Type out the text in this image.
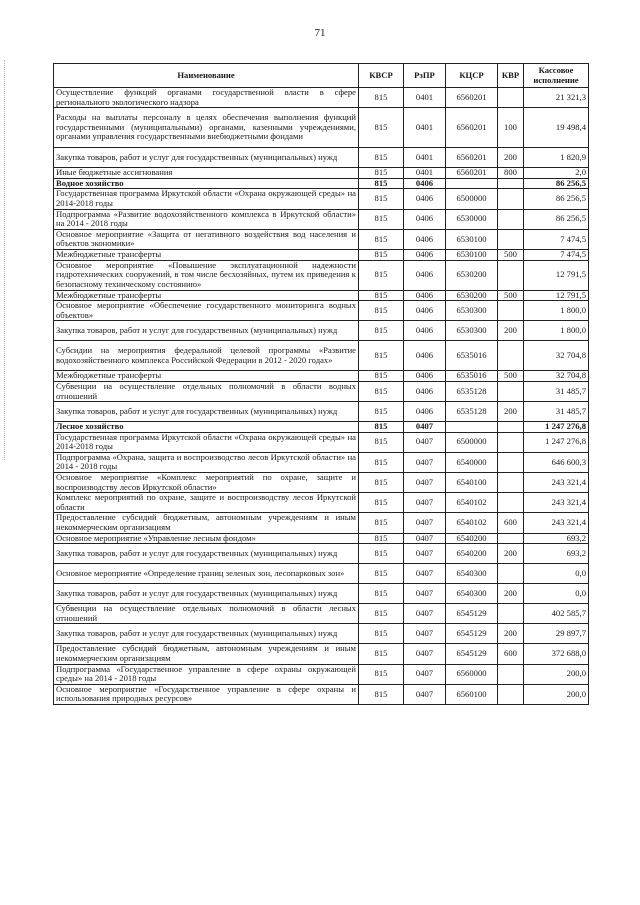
71
Наименование	КВСР	РзПР	КЦСР	КВР	Кассовое исполнение
Осуществление функций органами государственной власти в сфере регионального экологического надзора	815	0401	6560201		21 321,3
Расходы на выплаты персоналу в целях обеспечения выполнения функций государственными (муниципальными) органами, казенными учреждениями, органами управления государственными внебюджетными фондами	815	0401	6560201	100	19 498,4
Закупка товаров, работ и услуг для государственных (муниципальных) нужд	815	0401	6560201	200	1 820,9
Иные бюджетные ассигнования	815	0401	6560201	800	2,0
Водное хозяйство	815	0406			86 256,5
Государственная программа Иркутской области «Охрана окружающей среды» на 2014-2018 годы	815	0406	6500000		86 256,5
Подпрограмма «Развитие водохозяйственного комплекса в Иркутской области» на 2014 - 2018 годы	815	0406	6530000		86 256,5
Основное мероприятие «Защита от негативного воздействия вод населения и объектов экономики»	815	0406	6530100		7 474,5
Межбюджетные трансферты	815	0406	6530100	500	7 474,5
Основное мероприятие «Повышение эксплуатационной надежности гидротехнических сооружений, в том числе бесхозяйных, путем их приведения к безопасному техническому состоянию»	815	0406	6530200		12 791,5
Межбюджетные трансферты	815	0406	6530200	500	12 791,5
Основное мероприятие «Обеспечение государственного мониторинга водных объектов»	815	0406	6530300		1 800,0
Закупка товаров, работ и услуг для государственных (муниципальных) нужд	815	0406	6530300	200	1 800,0
Субсидии на мероприятия федеральной целевой программы «Развитие водохозяйственного комплекса Российской Федерации в 2012 - 2020 годах»	815	0406	6535016		32 704,8
Межбюджетные трансферты	815	0406	6535016	500	32 704,8
Субвенции на осуществление отдельных полномочий в области водных отношений	815	0406	6535128		31 485,7
Закупка товаров, работ и услуг для государственных (муниципальных) нужд	815	0406	6535128	200	31 485,7
Лесное хозяйство	815	0407			1 247 276,8
Государственная программа Иркутской области «Охрана окружающей среды» на 2014-2018 годы	815	0407	6500000		1 247 276,8
Подпрограмма «Охрана, защита и воспроизводство лесов Иркутской области» на 2014 - 2018 годы	815	0407	6540000		646 600,3
Основное мероприятие «Комплекс мероприятий по охране, защите и воспроизводству лесов Иркутской области»	815	0407	6540100		243 321,4
Комплекс мероприятий по охране, защите и воспроизводству лесов Иркутской области	815	0407	6540102		243 321,4
Предоставление субсидий бюджетным, автономным учреждениям и иным некоммерческим организациям	815	0407	6540102	600	243 321,4
Основное мероприятие «Управление лесным фондом»	815	0407	6540200		693,2
Закупка товаров, работ и услуг для государственных (муниципальных) нужд	815	0407	6540200	200	693,2
Основное мероприятие «Определение границ зеленых зон, лесопарковых зон»	815	0407	6540300		0,0
Закупка товаров, работ и услуг для государственных (муниципальных) нужд	815	0407	6540300	200	0,0
Субвенции на осуществление отдельных полномочий в области лесных отношений	815	0407	6545129		402 585,7
Закупка товаров, работ и услуг для государственных (муниципальных) нужд	815	0407	6545129	200	29 897,7
Предоставление субсидий бюджетным, автономным учреждениям и иным некоммерческим организациям	815	0407	6545129	600	372 688,0
Подпрограмма «Государственное управление в сфере охраны окружающей среды» на 2014 - 2018 годы	815	0407	6560000		200,0
Основное мероприятие «Государственное управление в сфере охраны и использования природных ресурсов»	815	0407	6560100		200,0
